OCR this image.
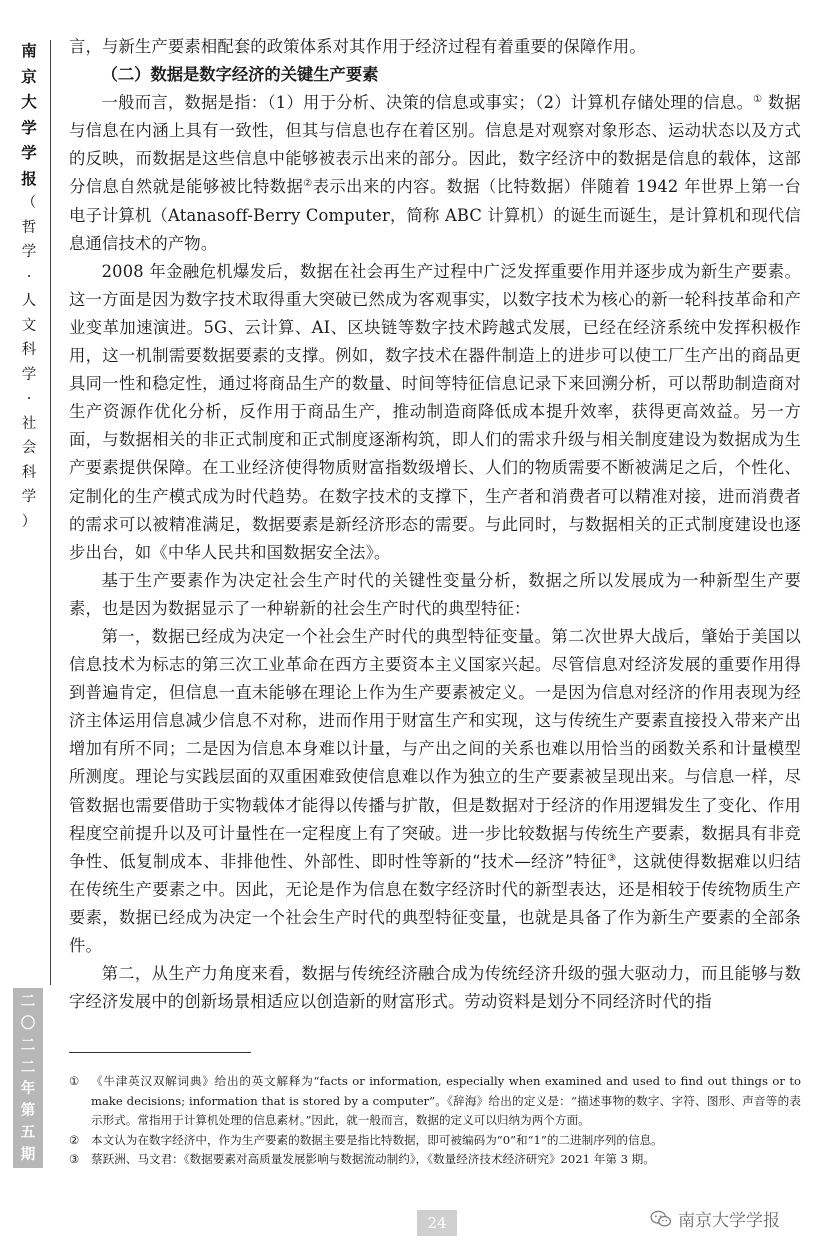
南
京
大
学
学
报
（
哲
学
·
人
文
科
学
·
社
会
科
学
）
二
〇
二
二
年
第
五
期

言，与新生产要素相配套的政策体系对其作用于经济过程有着重要的保障作用。

（二）数据是数字经济的关键生产要素

一般而言，数据是指：（1）用于分析、决策的信息或事实；（2）计算机存储处理的信息。① 数据与信息在内涵上具有一致性，但其与信息也存在着区别。信息是对观察对象形态、运动状态以及方式的反映，而数据是这些信息中能够被表示出来的部分。因此，数字经济中的数据是信息的载体，这部分信息自然就是能够被比特数据②表示出来的内容。数据（比特数据）伴随着 1942 年世界上第一台电子计算机（Atanasoff-Berry Computer，简称 ABC 计算机）的诞生而诞生，是计算机和现代信息通信技术的产物。

2008 年金融危机爆发后，数据在社会再生产过程中广泛发挥重要作用并逐步成为新生产要素。这一方面是因为数字技术取得重大突破已然成为客观事实，以数字技术为核心的新一轮科技革命和产业变革加速演进。5G、云计算、AI、区块链等数字技术跨越式发展，已经在经济系统中发挥积极作用，这一机制需要数据要素的支撑。例如，数字技术在器件制造上的进步可以使工厂生产出的商品更具同一性和稳定性，通过将商品生产的数量、时间等特征信息记录下来回溯分析，可以帮助制造商对生产资源作优化分析，反作用于商品生产，推动制造商降低成本提升效率，获得更高效益。另一方面，与数据相关的非正式制度和正式制度逐渐构筑，即人们的需求升级与相关制度建设为数据成为生产要素提供保障。在工业经济使得物质财富指数级增长、人们的物质需要不断被满足之后，个性化、定制化的生产模式成为时代趋势。在数字技术的支撑下，生产者和消费者可以精准对接，进而消费者的需求可以被精准满足，数据要素是新经济形态的需要。与此同时，与数据相关的正式制度建设也逐步出台，如《中华人民共和国数据安全法》。

基于生产要素作为决定社会生产时代的关键性变量分析，数据之所以发展成为一种新型生产要素，也是因为数据显示了一种崭新的社会生产时代的典型特征：

第一，数据已经成为决定一个社会生产时代的典型特征变量。第二次世界大战后，肇始于美国以信息技术为标志的第三次工业革命在西方主要资本主义国家兴起。尽管信息对经济发展的重要作用得到普遍肯定，但信息一直未能够在理论上作为生产要素被定义。一是因为信息对经济的作用表现为经济主体运用信息减少信息不对称，进而作用于财富生产和实现，这与传统生产要素直接投入带来产出增加有所不同；二是因为信息本身难以计量，与产出之间的关系也难以用恰当的函数关系和计量模型所测度。理论与实践层面的双重困难致使信息难以作为独立的生产要素被呈现出来。与信息一样，尽管数据也需要借助于实物载体才能得以传播与扩散，但是数据对于经济的作用逻辑发生了变化、作用程度空前提升以及可计量性在一定程度上有了突破。进一步比较数据与传统生产要素，数据具有非竞争性、低复制成本、非排他性、外部性、即时性等新的“技术—经济”特征③，这就使得数据难以归结在传统生产要素之中。因此，无论是作为信息在数字经济时代的新型表达，还是相较于传统物质生产要素，数据已经成为决定一个社会生产时代的典型特征变量，也就是具备了作为新生产要素的全部条件。

第二，从生产力角度来看，数据与传统经济融合成为传统经济升级的强大驱动力，而且能够与数字经济发展中的创新场景相适应以创造新的财富形式。劳动资料是划分不同经济时代的指

① 《牛津英汉双解词典》给出的英文解释为“facts or information, especially when examined and used to find out things or to make decisions; information that is stored by a computer”。《辞海》给出的定义是：“描述事物的数字、字符、图形、声音等的表示形式。常指用于计算机处理的信息素材。”因此，就一般而言，数据的定义可以归纳为两个方面。
② 本文认为在数字经济中，作为生产要素的数据主要是指比特数据，即可被编码为“0”和“1”的二进制序列的信息。
③ 蔡跃洲、马文君：《数据要素对高质量发展影响与数据流动制约》，《数量经济技术经济研究》2021 年第 3 期。
24	南京大学学报
